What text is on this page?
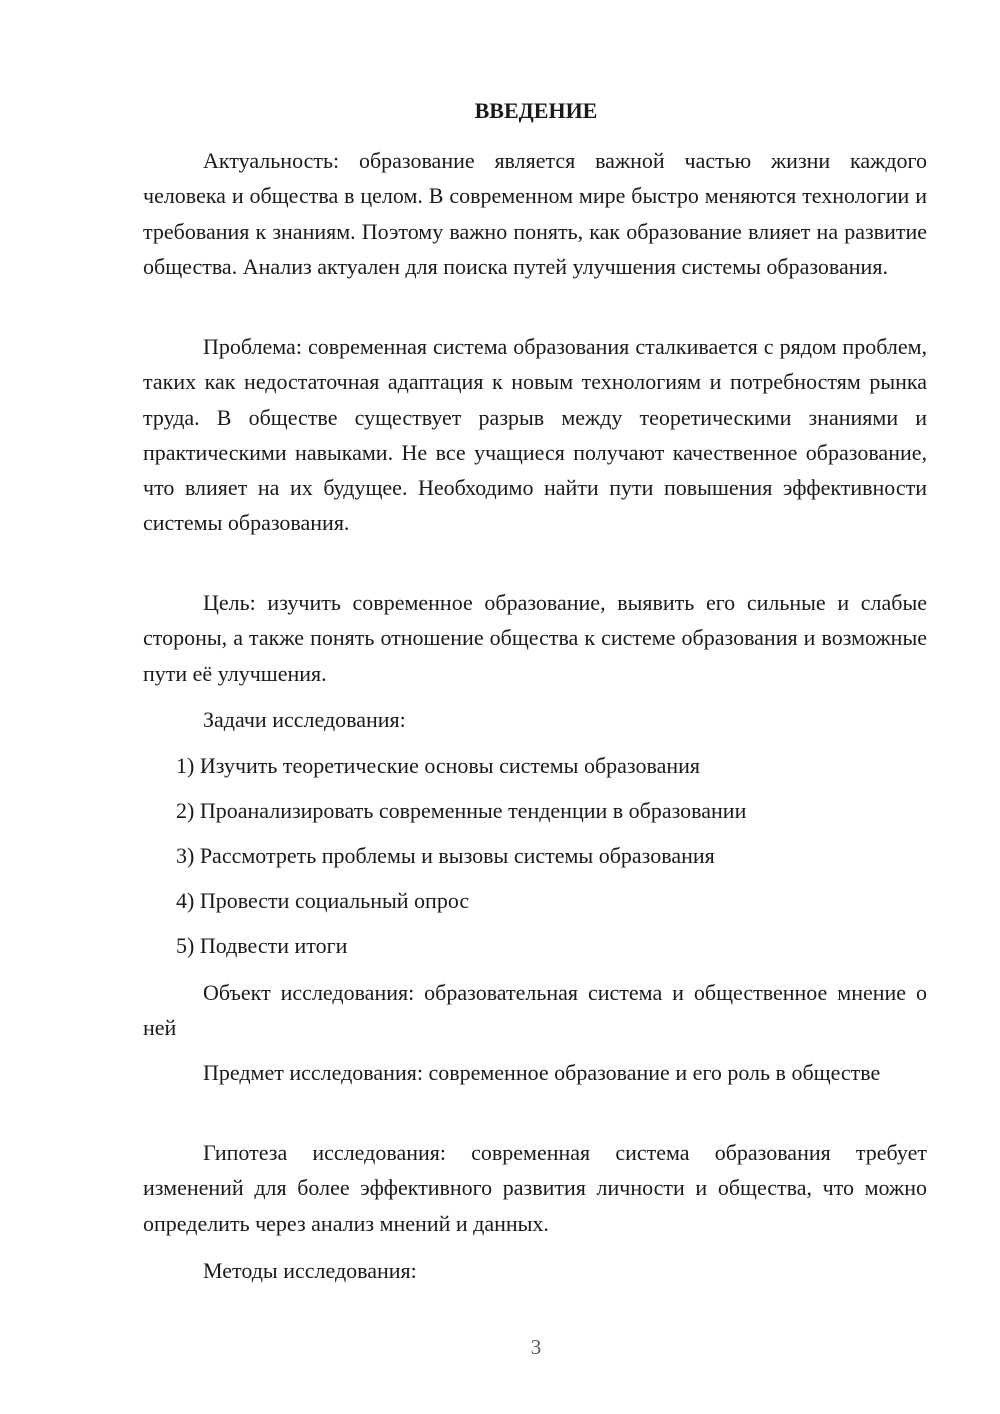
ВВЕДЕНИЕ

Актуальность: образование является важной частью жизни каждого человека и общества в целом. В современном мире быстро меняются технологии и требования к знаниям. Поэтому важно понять, как образование влияет на развитие общества. Анализ актуален для поиска путей улучшения системы образования.

Проблема: современная система образования сталкивается с рядом проблем, таких как недостаточная адаптация к новым технологиям и потребностям рынка труда. В обществе существует разрыв между теоретическими знаниями и практическими навыками. Не все учащиеся получают качественное образование, что влияет на их будущее. Необходимо найти пути повышения эффективности системы образования.

Цель: изучить современное образование, выявить его сильные и слабые стороны, а также понять отношение общества к системе образования и возможные пути её улучшения.

Задачи исследования:

1) Изучить теоретические основы системы образования

2) Проанализировать современные тенденции в образовании

3) Рассмотреть проблемы и вызовы системы образования

4) Провести социальный опрос

5) Подвести итоги

Объект исследования: образовательная система и общественное мнение о ней

Предмет исследования: современное образование и его роль в обществе

Гипотеза исследования: современная система образования требует изменений для более эффективного развития личности и общества, что можно определить через анализ мнений и данных.

Методы исследования:

3
